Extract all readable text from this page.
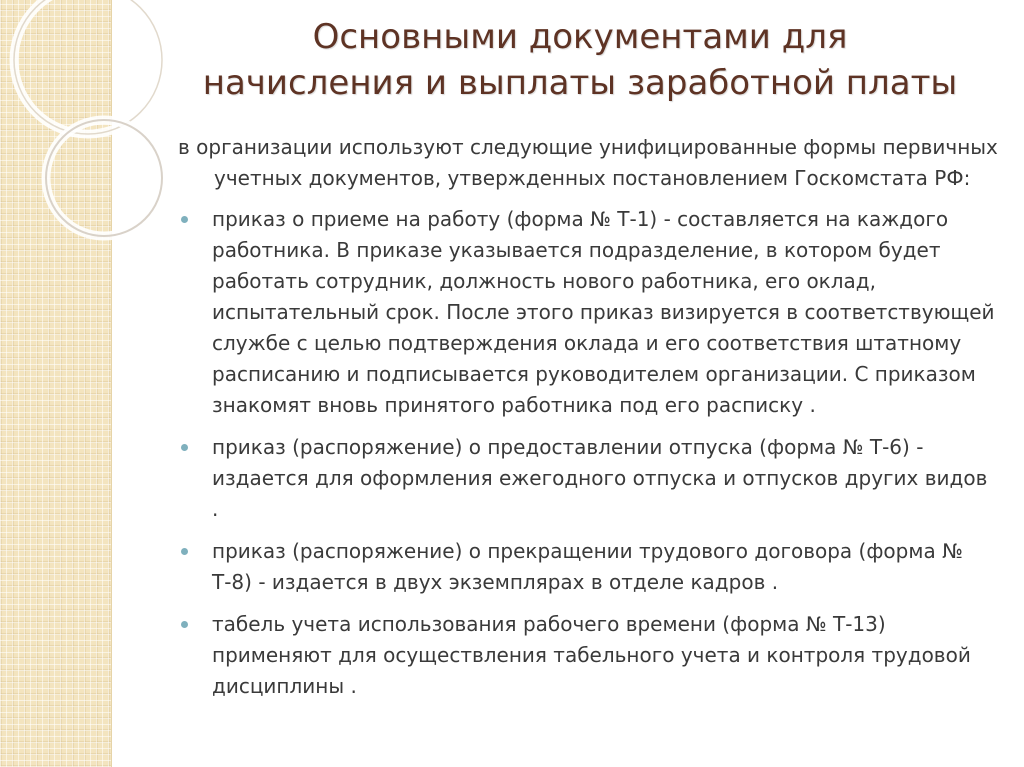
Основными документами для
начисления и выплаты заработной платы

в организации используют следующие унифицированные формы первичных учетных документов, утвержденных постановлением Госкомстата РФ:

приказ о приеме на работу (форма № Т-1) - составляется на каждого работника. В приказе указывается подразделение, в котором будет работать сотрудник, должность нового работника, его оклад, испытательный срок. После этого приказ визируется в соответствующей службе с целью подтверждения оклада и его соответствия штатному расписанию и подписывается руководителем организации. С приказом знакомят вновь принятого работника под его расписку .
приказ (распоряжение) о предоставлении отпуска (форма № Т-6) - издается для оформления ежегодного отпуска и отпусков других видов .
приказ (распоряжение) о прекращении трудового договора (форма № Т-8) - издается в двух экземплярах в отделе кадров .
табель учета использования рабочего времени (форма № Т-13) применяют для осуществления табельного учета и контроля трудовой дисциплины .
